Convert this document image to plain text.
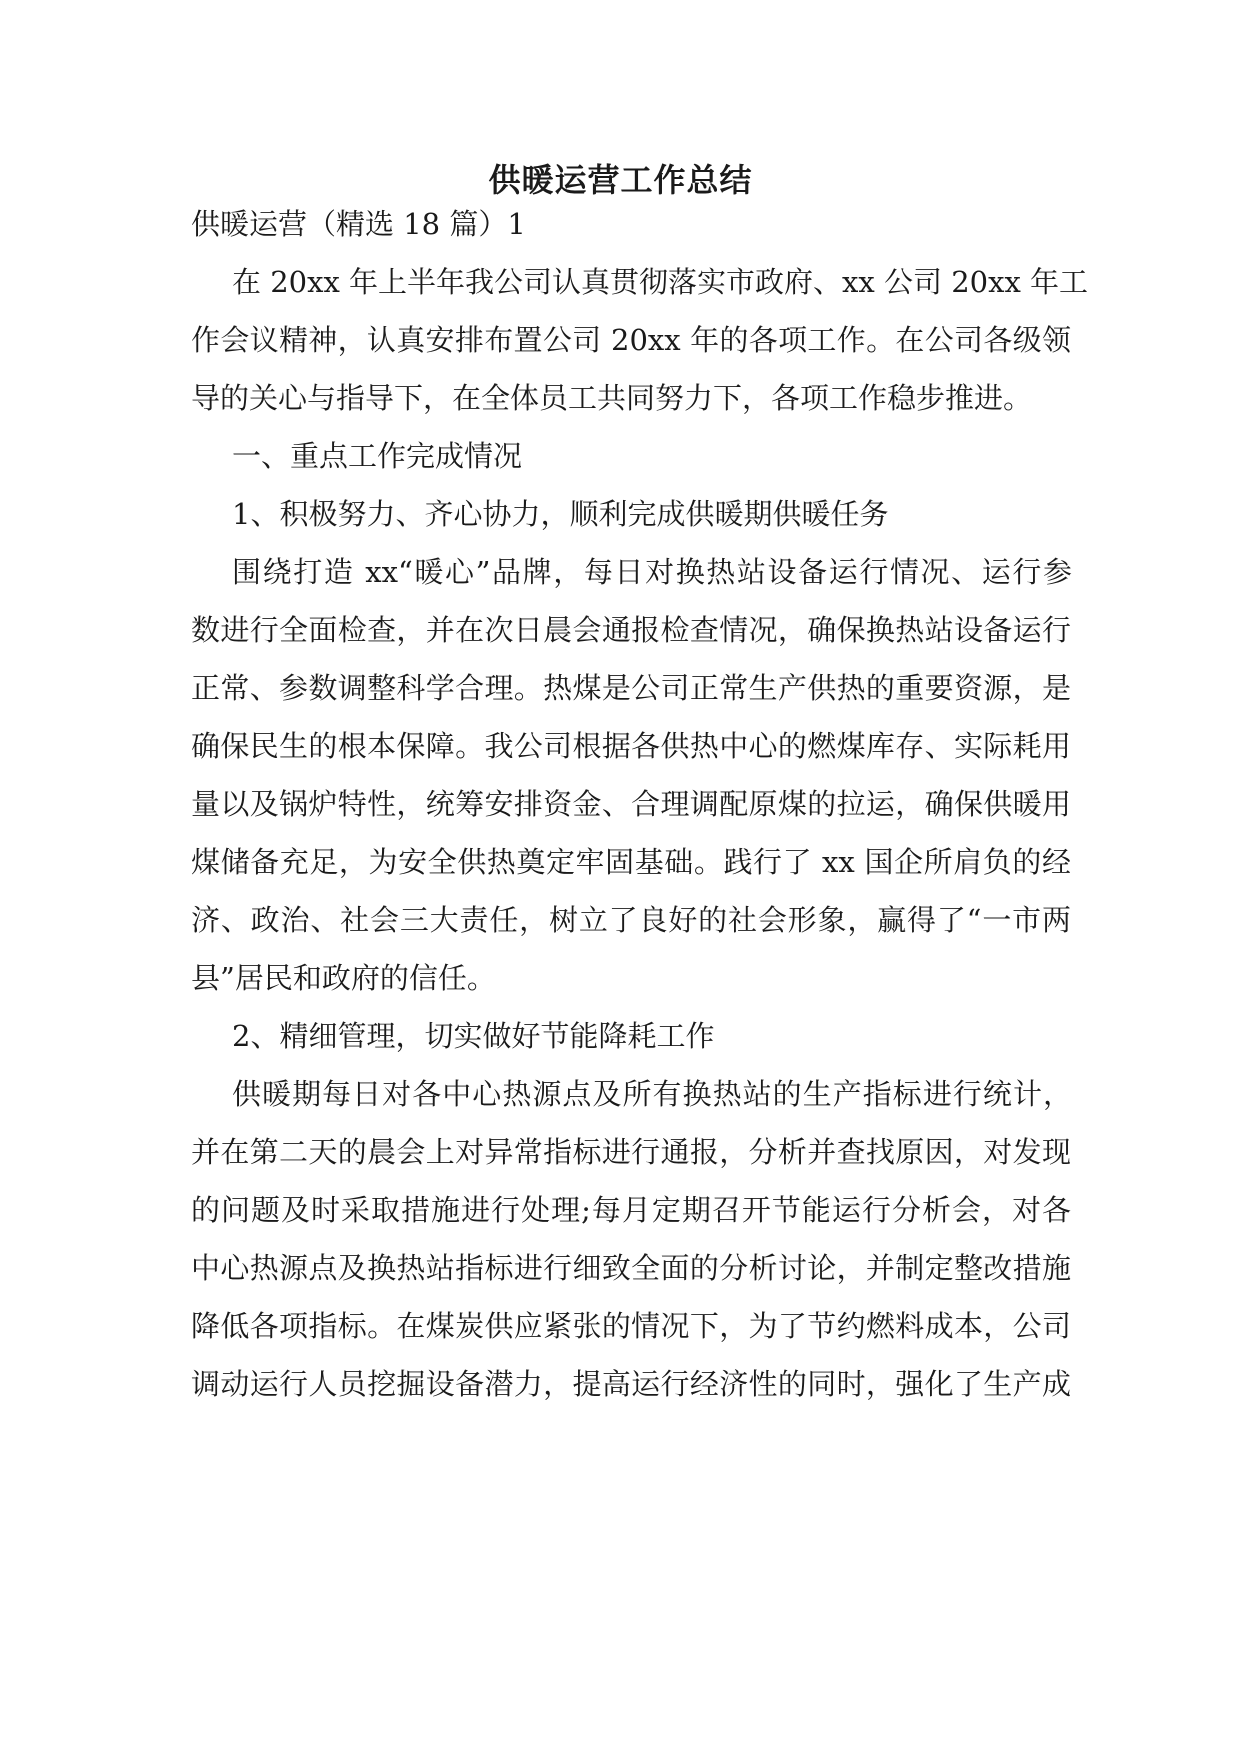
供暖运营工作总结
供暖运营（精选 18 篇）1
在 20xx 年上半年我公司认真贯彻落实市政府、xx 公司 20xx 年工
作会议精神，认真安排布置公司 20xx 年的各项工作。在公司各级领
导的关心与指导下，在全体员工共同努力下，各项工作稳步推进。
一、重点工作完成情况
1、积极努力、齐心协力，顺利完成供暖期供暖任务
围绕打造 xx“暖心”品牌，每日对换热站设备运行情况、运行参
数进行全面检查，并在次日晨会通报检查情况，确保换热站设备运行
正常、参数调整科学合理。热煤是公司正常生产供热的重要资源，是
确保民生的根本保障。我公司根据各供热中心的燃煤库存、实际耗用
量以及锅炉特性，统筹安排资金、合理调配原煤的拉运，确保供暖用
煤储备充足，为安全供热奠定牢固基础。践行了 xx 国企所肩负的经
济、政治、社会三大责任，树立了良好的社会形象，赢得了“一市两
县”居民和政府的信任。
2、精细管理，切实做好节能降耗工作
供暖期每日对各中心热源点及所有换热站的生产指标进行统计，
并在第二天的晨会上对异常指标进行通报，分析并查找原因，对发现
的问题及时采取措施进行处理;每月定期召开节能运行分析会，对各
中心热源点及换热站指标进行细致全面的分析讨论，并制定整改措施
降低各项指标。在煤炭供应紧张的情况下，为了节约燃料成本，公司
调动运行人员挖掘设备潜力，提高运行经济性的同时，强化了生产成
